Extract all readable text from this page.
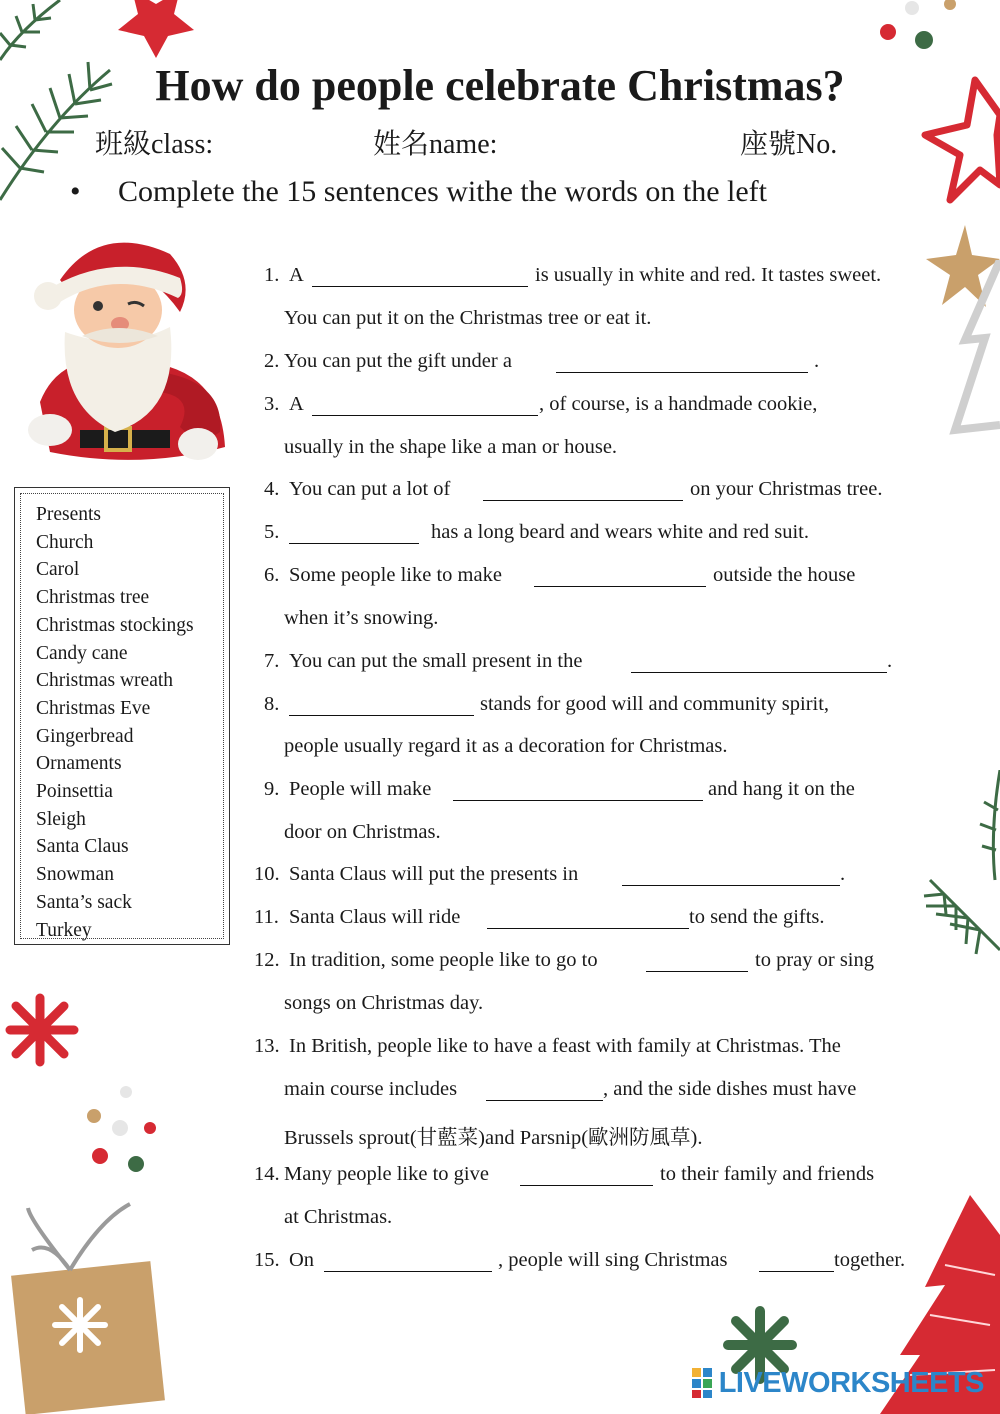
How do people celebrate Christmas?
班級class:	姓名name:	座號No.
• Complete the 15 sentences withe the words on the left
Presents
Church
Carol
Christmas tree
Christmas stockings
Candy cane
Christmas wreath
Christmas Eve
Gingerbread
Ornaments
Poinsettia
Sleigh
Santa Claus
Snowman
Santa’s sack
Turkey
1. A	is usually in white and red. It tastes sweet.
You can put it on the Christmas tree or eat it.
2. You can put the gift under a	.
3. A	, of course, is a handmade cookie,
usually in the shape like a man or house.
4. You can put a lot of	on your Christmas tree.
5.	has a long beard and wears white and red suit.
6. Some people like to make	outside the house
when it’s snowing.
7. You can put the small present in the	.
8.	stands for good will and community spirit,
people usually regard it as a decoration for Christmas.
9. People will make	and hang it on the
door on Christmas.
10. Santa Claus will put the presents in	.
11. Santa Claus will ride	to send the gifts.
12. In tradition, some people like to go to	to pray or sing
songs on Christmas day.
13. In British, people like to have a feast with family at Christmas. The
main course includes	, and the side dishes must have
Brussels sprout(甘藍菜)and Parsnip(歐洲防風草).
14. Many people like to give	to their family and friends
at Christmas.
15. On	, people will sing Christmas	together.
LIVEWORKSHEETS
